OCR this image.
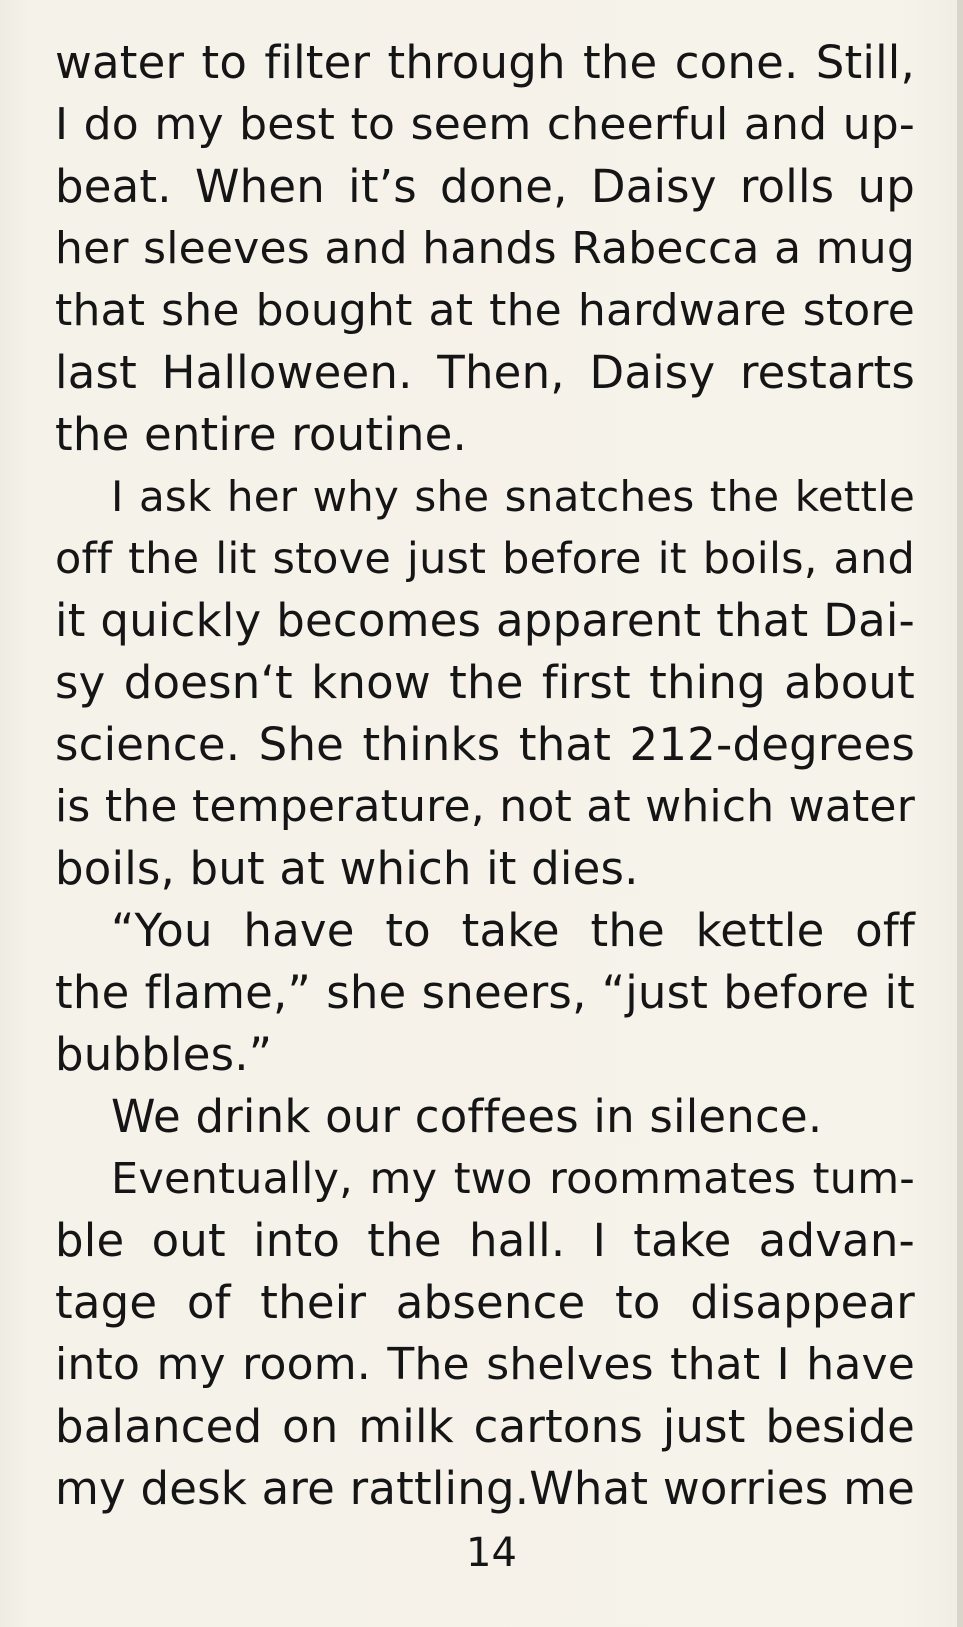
water to filter through the cone. Still,
I do my best to seem cheerful and up-
beat. When it’s done, Daisy rolls up
her sleeves and hands Rabecca a mug
that she bought at the hardware store
last Halloween. Then, Daisy restarts
the entire routine.
I ask her why she snatches the kettle
off the lit stove just before it boils, and
it quickly becomes apparent that Dai-
sy doesn‘t know the first thing about
science. She thinks that 212-degrees
is the temperature, not at which water
boils, but at which it dies.
“You have to take the kettle off
the flame,” she sneers, “just before it
bubbles.”
We drink our coffees in silence.
Eventually, my two roommates tum-
ble out into the hall. I take advan-
tage of their absence to disappear
into my room. The shelves that I have
balanced on milk cartons just beside
my desk are rattling.What worries me
14
